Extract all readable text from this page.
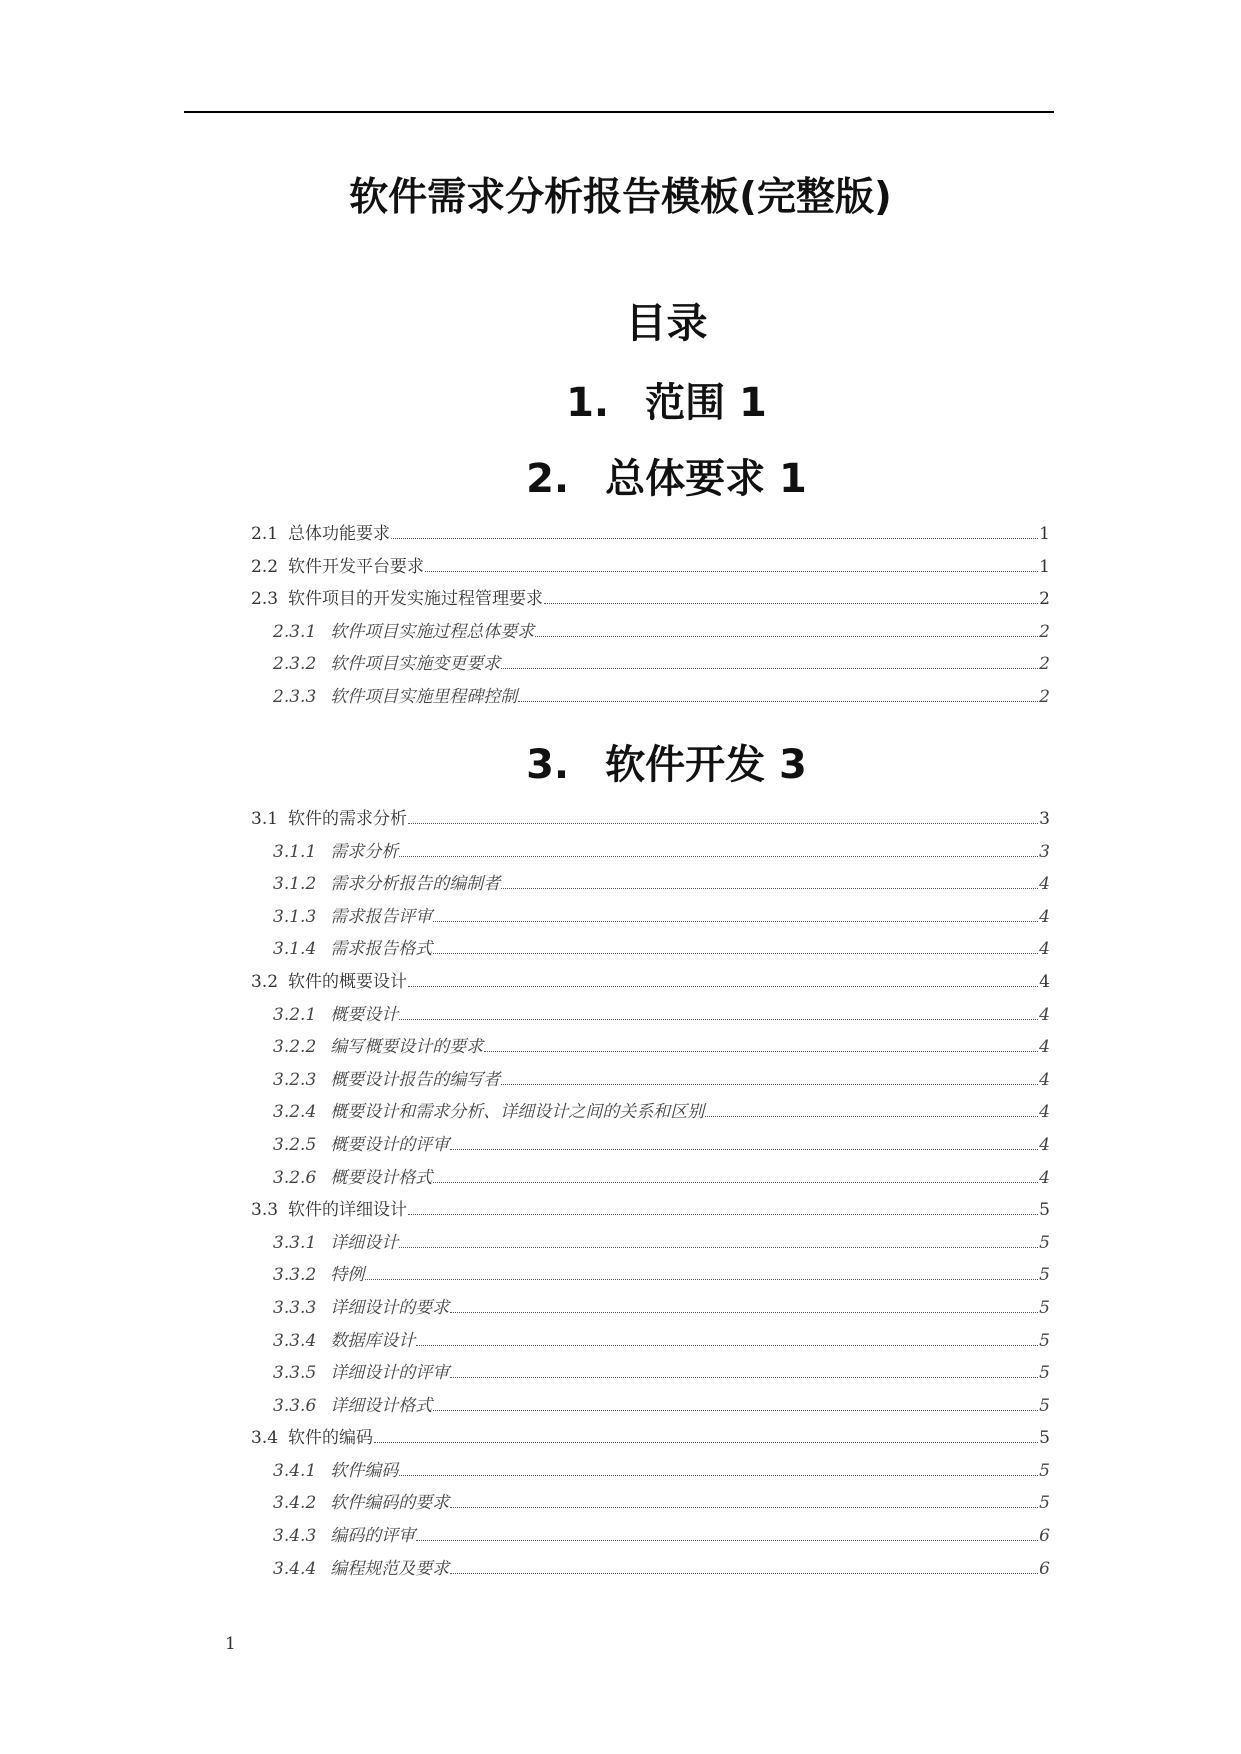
软件需求分析报告模板(完整版)
目录
1. 范围 1
2. 总体要求 1
2.1 总体功能要求	1
2.2 软件开发平台要求	1
2.3 软件项目的开发实施过程管理要求	2
2.3.1 软件项目实施过程总体要求	2
2.3.2 软件项目实施变更要求	2
2.3.3 软件项目实施里程碑控制	2
3. 软件开发 3
3.1 软件的需求分析	3
3.1.1 需求分析	3
3.1.2 需求分析报告的编制者	4
3.1.3 需求报告评审	4
3.1.4 需求报告格式	4
3.2 软件的概要设计	4
3.2.1 概要设计	4
3.2.2 编写概要设计的要求	4
3.2.3 概要设计报告的编写者	4
3.2.4 概要设计和需求分析、详细设计之间的关系和区别	4
3.2.5 概要设计的评审	4
3.2.6 概要设计格式	4
3.3 软件的详细设计	5
3.3.1 详细设计	5
3.3.2 特例	5
3.3.3 详细设计的要求	5
3.3.4 数据库设计	5
3.3.5 详细设计的评审	5
3.3.6 详细设计格式	5
3.4 软件的编码	5
3.4.1 软件编码	5
3.4.2 软件编码的要求	5
3.4.3 编码的评审	6
3.4.4 编程规范及要求	6
1
